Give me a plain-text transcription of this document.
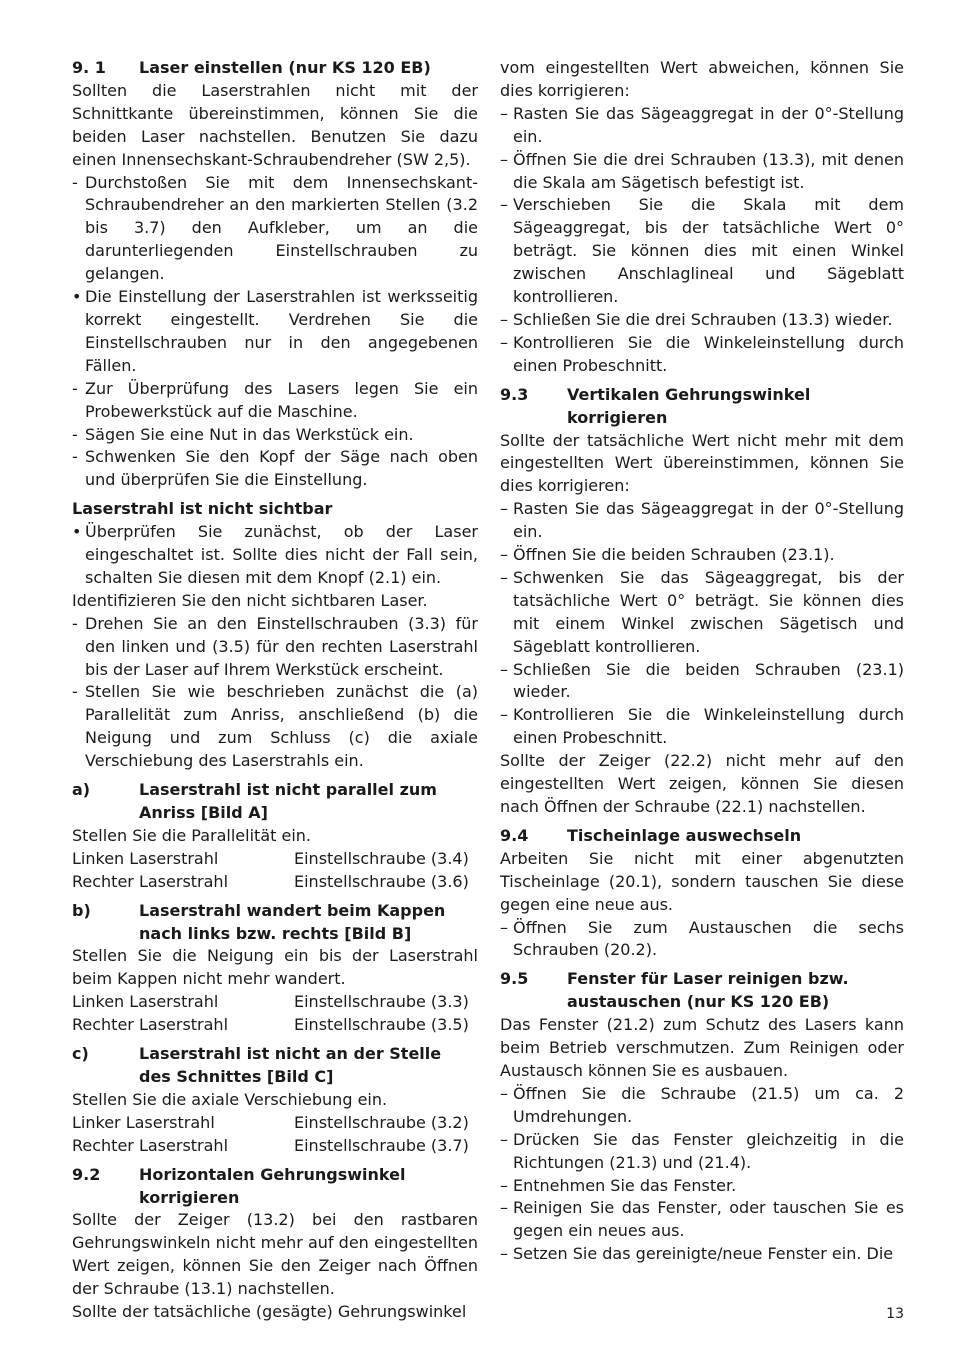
9. 1	Laser einstellen (nur KS 120 EB)
Sollten die Laserstrahlen nicht mit der Schnittkante übereinstimmen, können Sie die beiden Laser nachstellen. Benutzen Sie dazu einen Innensechskant-Schraubendreher (SW 2,5).
- Durchstoßen Sie mit dem Innensechskant-Schraubendreher an den markierten Stellen (3.2 bis 3.7) den Aufkleber, um an die darunterliegenden Einstellschrauben zu gelangen.
• Die Einstellung der Laserstrahlen ist werksseitig korrekt eingestellt. Verdrehen Sie die Einstellschrauben nur in den angegebenen Fällen.
- Zur Überprüfung des Lasers legen Sie ein Probewerkstück auf die Maschine.
- Sägen Sie eine Nut in das Werkstück ein.
- Schwenken Sie den Kopf der Säge nach oben und überprüfen Sie die Einstellung.
Laserstrahl ist nicht sichtbar
• Überprüfen Sie zunächst, ob der Laser eingeschaltet ist. Sollte dies nicht der Fall sein, schalten Sie diesen mit dem Knopf (2.1) ein.
Identifizieren Sie den nicht sichtbaren Laser.
- Drehen Sie an den Einstellschrauben (3.3) für den linken und (3.5) für den rechten Laserstrahl bis der Laser auf Ihrem Werkstück erscheint.
- Stellen Sie wie beschrieben zunächst die (a) Parallelität zum Anriss, anschließend (b) die Neigung und zum Schluss (c) die axiale Verschiebung des Laserstrahls ein.
a)	Laserstrahl ist nicht parallel zum Anriss [Bild A]
Stellen Sie die Parallelität ein.
Linken Laserstrahl	Einstellschraube (3.4)
Rechter Laserstrahl	Einstellschraube (3.6)
b)	Laserstrahl wandert beim Kappen nach links bzw. rechts [Bild B]
Stellen Sie die Neigung ein bis der Laserstrahl beim Kappen nicht mehr wandert.
Linken Laserstrahl	Einstellschraube (3.3)
Rechter Laserstrahl	Einstellschraube (3.5)
c)	Laserstrahl ist nicht an der Stelle des Schnittes [Bild C]
Stellen Sie die axiale Verschiebung ein.
Linker Laserstrahl	Einstellschraube (3.2)
Rechter Laserstrahl	Einstellschraube (3.7)
9.2	Horizontalen Gehrungswinkel korrigieren
Sollte der Zeiger (13.2) bei den rastbaren Gehrungswinkeln nicht mehr auf den eingestellten Wert zeigen, können Sie den Zeiger nach Öffnen der Schraube (13.1) nachstellen.
Sollte der tatsächliche (gesägte) Gehrungswinkel
vom eingestellten Wert abweichen, können Sie dies korrigieren:
– Rasten Sie das Sägeaggregat in der 0°-Stellung ein.
– Öffnen Sie die drei Schrauben (13.3), mit denen die Skala am Sägetisch befestigt ist.
– Verschieben Sie die Skala mit dem Sägeaggregat, bis der tatsächliche Wert 0° beträgt. Sie können dies mit einen Winkel zwischen Anschlaglineal und Sägeblatt kontrollieren.
– Schließen Sie die drei Schrauben (13.3) wieder.
– Kontrollieren Sie die Winkeleinstellung durch einen Probeschnitt.
9.3	Vertikalen Gehrungswinkel korrigieren
Sollte der tatsächliche Wert nicht mehr mit dem eingestellten Wert übereinstimmen, können Sie dies korrigieren:
– Rasten Sie das Sägeaggregat in der 0°-Stellung ein.
– Öffnen Sie die beiden Schrauben (23.1).
– Schwenken Sie das Sägeaggregat, bis der tatsächliche Wert 0° beträgt. Sie können dies mit einem Winkel zwischen Sägetisch und Sägeblatt kontrollieren.
– Schließen Sie die beiden Schrauben (23.1) wieder.
– Kontrollieren Sie die Winkeleinstellung durch einen Probeschnitt.
Sollte der Zeiger (22.2) nicht mehr auf den eingestellten Wert zeigen, können Sie diesen nach Öffnen der Schraube (22.1) nachstellen.
9.4	Tischeinlage auswechseln
Arbeiten Sie nicht mit einer abgenutzten Tischeinlage (20.1), sondern tauschen Sie diese gegen eine neue aus.
– Öffnen Sie zum Austauschen die sechs Schrauben (20.2).
9.5	Fenster für Laser reinigen bzw. austauschen (nur KS 120 EB)
Das Fenster (21.2) zum Schutz des Lasers kann beim Betrieb verschmutzen. Zum Reinigen oder Austausch können Sie es ausbauen.
– Öffnen Sie die Schraube (21.5) um ca. 2 Umdrehungen.
– Drücken Sie das Fenster gleichzeitig in die Richtungen (21.3) und (21.4).
– Entnehmen Sie das Fenster.
– Reinigen Sie das Fenster, oder tauschen Sie es gegen ein neues aus.
– Setzen Sie das gereinigte/neue Fenster ein. Die
13
